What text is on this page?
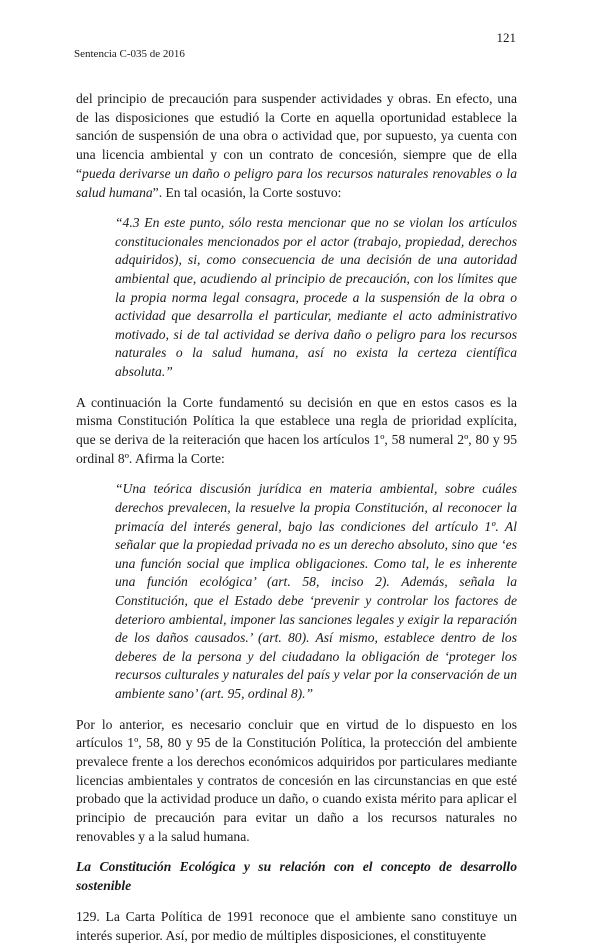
121
Sentencia C-035 de 2016

del principio de precaución para suspender actividades y obras. En efecto, una de las disposiciones que estudió la Corte en aquella oportunidad establece la sanción de suspensión de una obra o actividad que, por supuesto, ya cuenta con una licencia ambiental y con un contrato de concesión, siempre que de ella “pueda derivarse un daño o peligro para los recursos naturales renovables o la salud humana”. En tal ocasión, la Corte sostuvo:

“4.3 En este punto, sólo resta mencionar que no se violan los artículos constitucionales mencionados por el actor (trabajo, propiedad, derechos adquiridos), si, como consecuencia de una decisión de una autoridad ambiental que, acudiendo al principio de precaución, con los límites que la propia norma legal consagra, procede a la suspensión de la obra o actividad que desarrolla el particular, mediante el acto administrativo motivado, si de tal actividad se deriva daño o peligro para los recursos naturales o la salud humana, así no exista la certeza científica absoluta.”

A continuación la Corte fundamentó su decisión en que en estos casos es la misma Constitución Política la que establece una regla de prioridad explícita, que se deriva de la reiteración que hacen los artículos 1º, 58 numeral 2º, 80 y 95 ordinal 8º. Afirma la Corte:

“Una teórica discusión jurídica en materia ambiental, sobre cuáles derechos prevalecen, la resuelve la propia Constitución, al reconocer la primacía del interés general, bajo las condiciones del artículo 1º. Al señalar que la propiedad privada no es un derecho absoluto, sino que ‘es una función social que implica obligaciones. Como tal, le es inherente una función ecológica’ (art. 58, inciso 2). Además, señala la Constitución, que el Estado debe ‘prevenir y controlar los factores de deterioro ambiental, imponer las sanciones legales y exigir la reparación de los daños causados.’ (art. 80). Así mismo, establece dentro de los deberes de la persona y del ciudadano la obligación de ‘proteger los recursos culturales y naturales del país y velar por la conservación de un ambiente sano’ (art. 95, ordinal 8).”

Por lo anterior, es necesario concluir que en virtud de lo dispuesto en los artículos 1º, 58, 80 y 95 de la Constitución Política, la protección del ambiente prevalece frente a los derechos económicos adquiridos por particulares mediante licencias ambientales y contratos de concesión en las circunstancias en que esté probado que la actividad produce un daño, o cuando exista mérito para aplicar el principio de precaución para evitar un daño a los recursos naturales no renovables y a la salud humana.

La Constitución Ecológica y su relación con el concepto de desarrollo sostenible

129. La Carta Política de 1991 reconoce que el ambiente sano constituye un interés superior. Así, por medio de múltiples disposiciones, el constituyente
